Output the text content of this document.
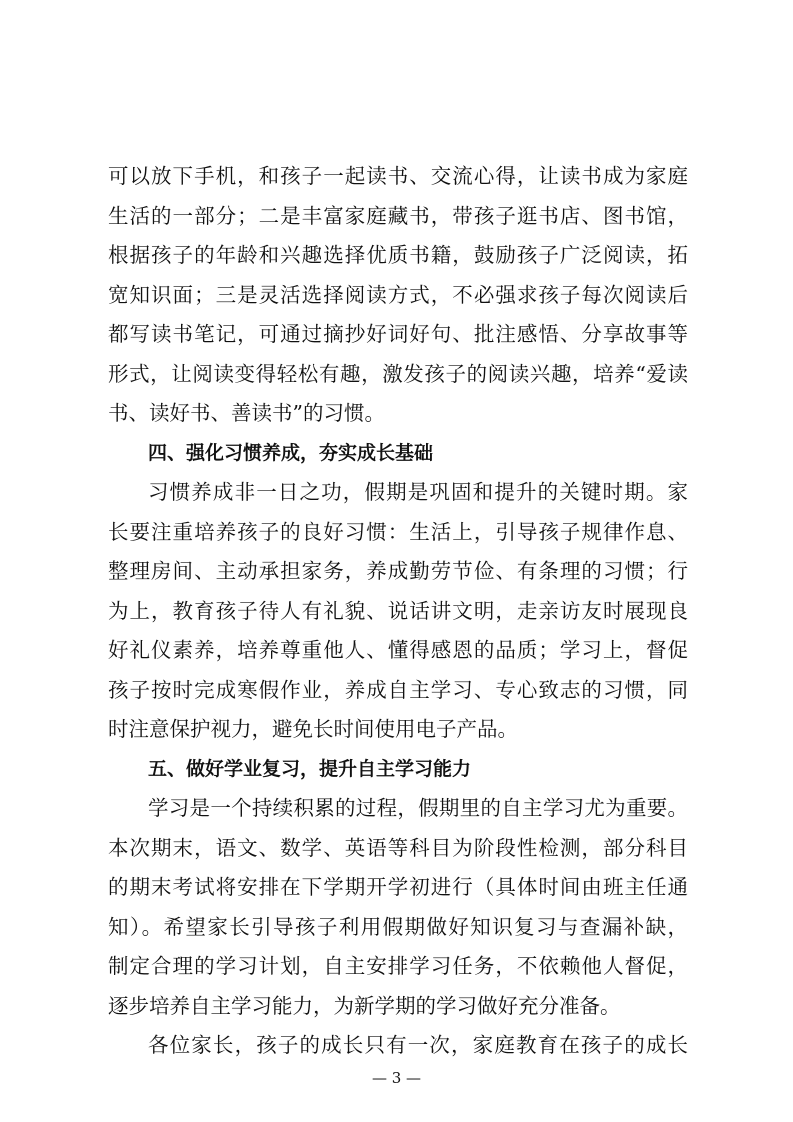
可以放下手机，和孩子一起读书、交流心得，让读书成为家庭
生活的一部分；二是丰富家庭藏书，带孩子逛书店、图书馆，
根据孩子的年龄和兴趣选择优质书籍，鼓励孩子广泛阅读，拓
宽知识面；三是灵活选择阅读方式，不必强求孩子每次阅读后
都写读书笔记，可通过摘抄好词好句、批注感悟、分享故事等
形式，让阅读变得轻松有趣，激发孩子的阅读兴趣，培养“爱读
书、读好书、善读书”的习惯。
四、强化习惯养成，夯实成长基础
习惯养成非一日之功，假期是巩固和提升的关键时期。家
长要注重培养孩子的良好习惯：生活上，引导孩子规律作息、
整理房间、主动承担家务，养成勤劳节俭、有条理的习惯；行
为上，教育孩子待人有礼貌、说话讲文明，走亲访友时展现良
好礼仪素养，培养尊重他人、懂得感恩的品质；学习上，督促
孩子按时完成寒假作业，养成自主学习、专心致志的习惯，同
时注意保护视力，避免长时间使用电子产品。
五、做好学业复习，提升自主学习能力
学习是一个持续积累的过程，假期里的自主学习尤为重要。
本次期末，语文、数学、英语等科目为阶段性检测，部分科目
的期末考试将安排在下学期开学初进行（具体时间由班主任通
知）。希望家长引导孩子利用假期做好知识复习与查漏补缺，
制定合理的学习计划，自主安排学习任务，不依赖他人督促，
逐步培养自主学习能力，为新学期的学习做好充分准备。
各位家长，孩子的成长只有一次，家庭教育在孩子的成长
— 3 —
